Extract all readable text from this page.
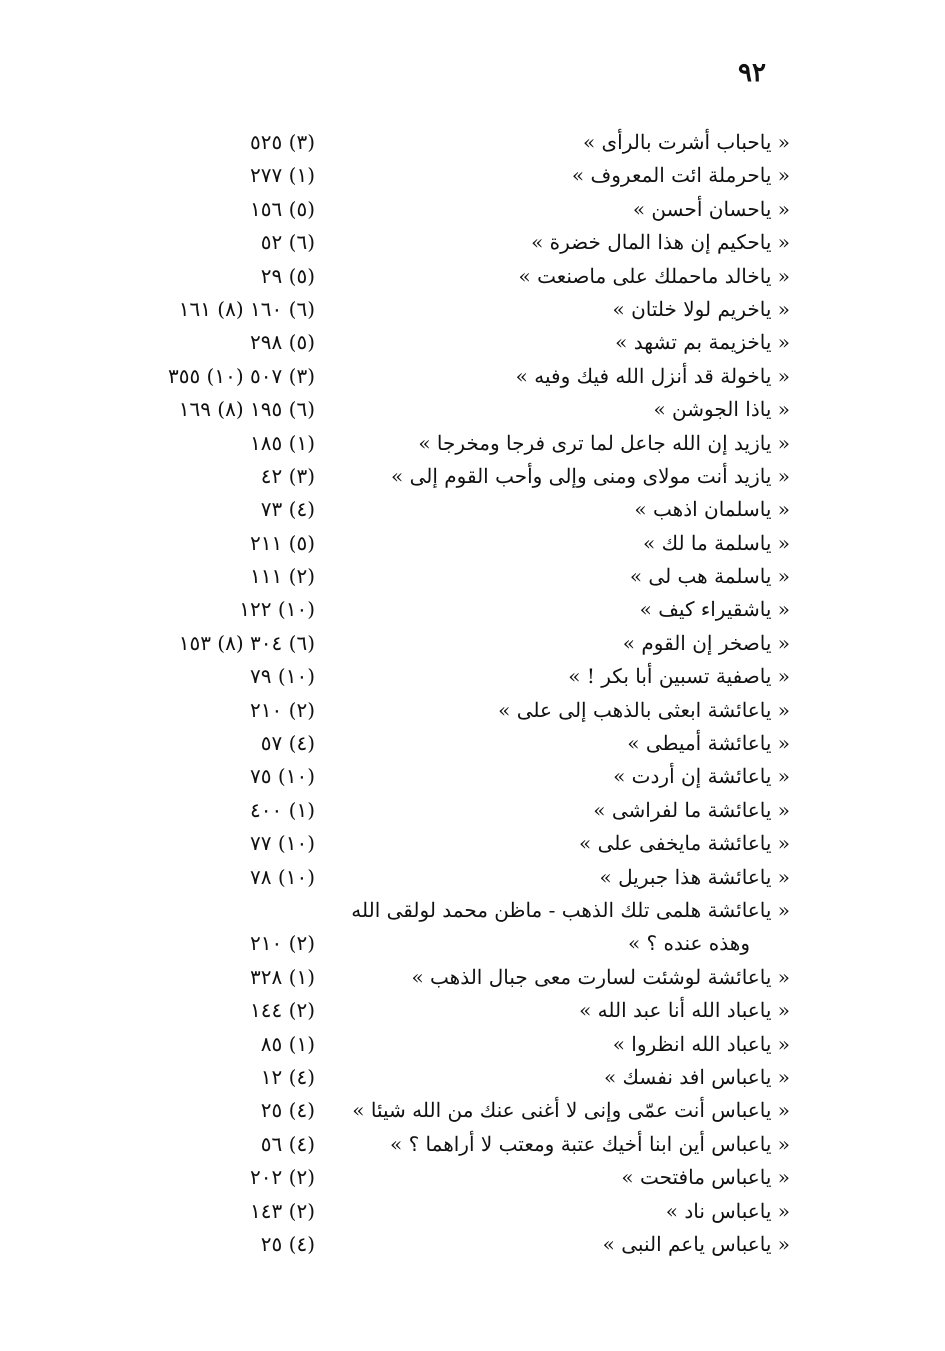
٩٢
« ياحباب أشرت بالرأى »
(٣) ٥٢٥
« ياحرملة ائت المعروف »
(١) ٢٧٧
« ياحسان أحسن »
(٥) ١٥٦
« ياحكيم إن هذا المال خضرة »
(٦) ٥٢
« ياخالد ماحملك على ماصنعت »
(٥) ٢٩
« ياخريم لولا خلتان »
(٦) ١٦٠ (٨) ١٦١
« ياخزيمة بم تشهد »
(٥) ٢٩٨
« ياخولة قد أنزل الله فيك وفيه »
(٣) ٥٠٧ (١٠) ٣٥٥
« ياذا الجوشن »
(٦) ١٩٥ (٨) ١٦٩
« يازيد إن الله جاعل لما ترى فرجا ومخرجا »
(١) ١٨٥
« يازيد أنت مولاى ومنى وإلى وأحب القوم إلى »
(٣) ٤٢
« ياسلمان اذهب »
(٤) ٧٣
« ياسلمة ما لك »
(٥) ٢١١
« ياسلمة هب لى »
(٢) ١١١
« ياشقيراء كيف »
(١٠) ١٢٢
« ياصخر إن القوم »
(٦) ٣٠٤ (٨) ١٥٣
« ياصفية تسبين أبا بكر ! »
(١٠) ٧٩
« ياعائشة ابعثى بالذهب إلى على »
(٢) ٢١٠
« ياعائشة أميطى »
(٤) ٥٧
« ياعائشة إن أردت »
(١٠) ٧٥
« ياعائشة ما لفراشى »
(١) ٤٠٠
« ياعائشة مايخفى على »
(١٠) ٧٧
« ياعائشة هذا جبريل »
(١٠) ٧٨
« ياعائشة هلمى تلك الذهب - ماظن محمد لولقى الله
وهذه عنده ؟ »
(٢) ٢١٠
« ياعائشة لوشئت لسارت معى جبال الذهب »
(١) ٣٢٨
« ياعباد الله أنا عبد الله »
(٢) ١٤٤
« ياعباد الله انظروا »
(١) ٨٥
« ياعباس افد نفسك »
(٤) ١٢
« ياعباس أنت عمّى وإنى لا أغنى عنك من الله شيئا »
(٤) ٢٥
« ياعباس أين ابنا أخيك عتبة ومعتب لا أراهما ؟ »
(٤) ٥٦
« ياعباس مافتحت »
(٢) ٢٠٢
« ياعباس ناد »
(٢) ١٤٣
« ياعباس ياعم النبى »
(٤) ٢٥
